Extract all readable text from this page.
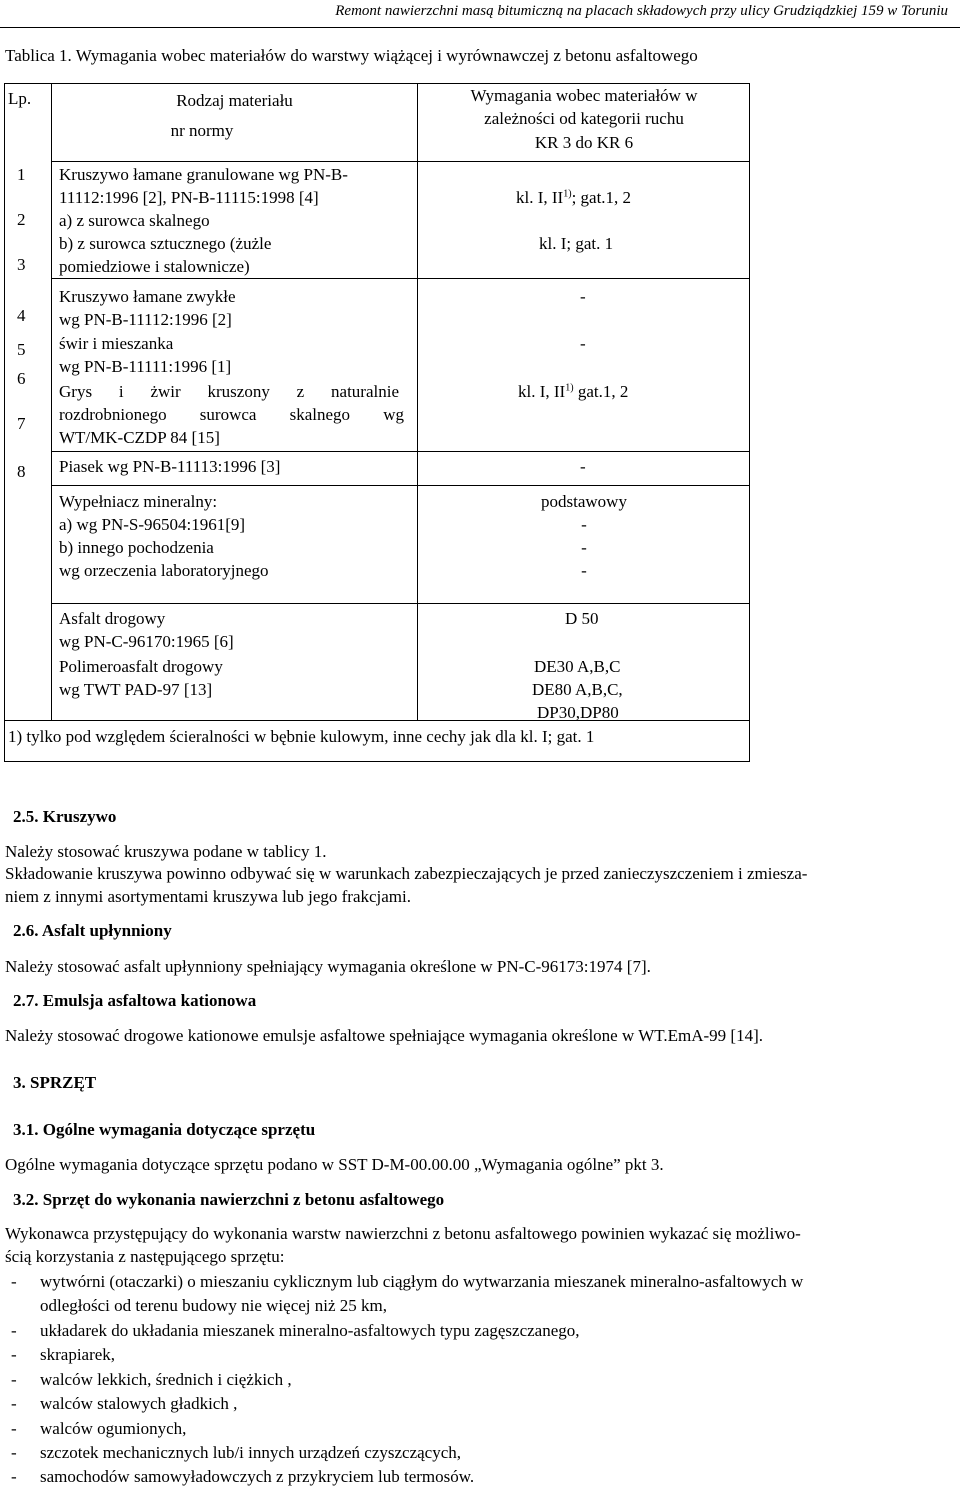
Remont nawierzchni masą bitumiczną na placach składowych przy ulicy Grudziądzkiej 159 w Toruniu
Tablica 1. Wymagania wobec materiałów do warstwy wiążącej i wyrównawczej z betonu asfaltowego
Lp.	Rodzaj materiału
nr normy
Wymagania wobec materiałów w
zależności od kategorii ruchu
KR 3 do KR 6
1
2
3
4
5
6
7
8
Kruszywo łamane granulowane wg PN-B-
11112:1996 [2], PN-B-11115:1998 [4]
a) z surowca skalnego
b) z surowca sztucznego (żużle
pomiedziowe i stalownicze)
kl. I, II$^{1)}$; gat.1, 2
kl. I; gat. 1
Kruszywo łamane zwykłe
wg PN-B-11112:1996 [2]
-
świr i mieszanka
wg PN-B-11111:1996 [1]
-
Grys i żwir kruszony z naturalnie
rozdrobnionego surowca skalnego wg
WT/MK-CZDP 84 [15]
kl. I, II$^{1)}$ gat.1, 2
Piasek wg PN-B-11113:1996 [3]	-
Wypełniacz mineralny:
a) wg PN-S-96504:1961[9]
b) innego pochodzenia
wg orzeczenia laboratoryjnego
podstawowy
-
-
-
Asfalt drogowy
wg PN-C-96170:1965 [6]
Polimeroasfalt drogowy
wg TWT PAD-97 [13]
D 50
DE30 A,B,C
DE80 A,B,C,
DP30,DP80
1) tylko pod względem ścieralności w bębnie kulowym, inne cechy jak dla kl. I; gat. 1
2.5. Kruszywo
Należy stosować kruszywa podane w tablicy 1.
Składowanie kruszywa powinno odbywać się w warunkach zabezpieczających je przed zanieczyszczeniem i zmiesza-
niem z innymi asortymentami kruszywa lub jego frakcjami.
2.6. Asfalt upłynniony
Należy stosować asfalt upłynniony spełniający wymagania określone w PN-C-96173:1974 [7].
2.7. Emulsja asfaltowa kationowa
Należy stosować drogowe kationowe emulsje asfaltowe spełniające wymagania określone w WT.EmA-99 [14].
3. SPRZĘT
3.1. Ogólne wymagania dotyczące sprzętu
Ogólne wymagania dotyczące sprzętu podano w SST D-M-00.00.00 „Wymagania ogólne” pkt 3.
3.2. Sprzęt do wykonania nawierzchni z betonu asfaltowego
Wykonawca przystępujący do wykonania warstw nawierzchni z betonu asfaltowego powinien wykazać się możliwo-
ścią korzystania z następującego sprzętu:
- wytwórni (otaczarki) o mieszaniu cyklicznym lub ciągłym do wytwarzania mieszanek mineralno-asfaltowych w
odległości od terenu budowy nie więcej niż 25 km,
- układarek do układania mieszanek mineralno-asfaltowych typu zagęszczanego,
- skrapiarek,
- walców lekkich, średnich i ciężkich ,
- walców stalowych gładkich ,
- walców ogumionych,
- szczotek mechanicznych lub/i innych urządzeń czyszczących,
- samochodów samowyładowczych z przykryciem lub termosów.
